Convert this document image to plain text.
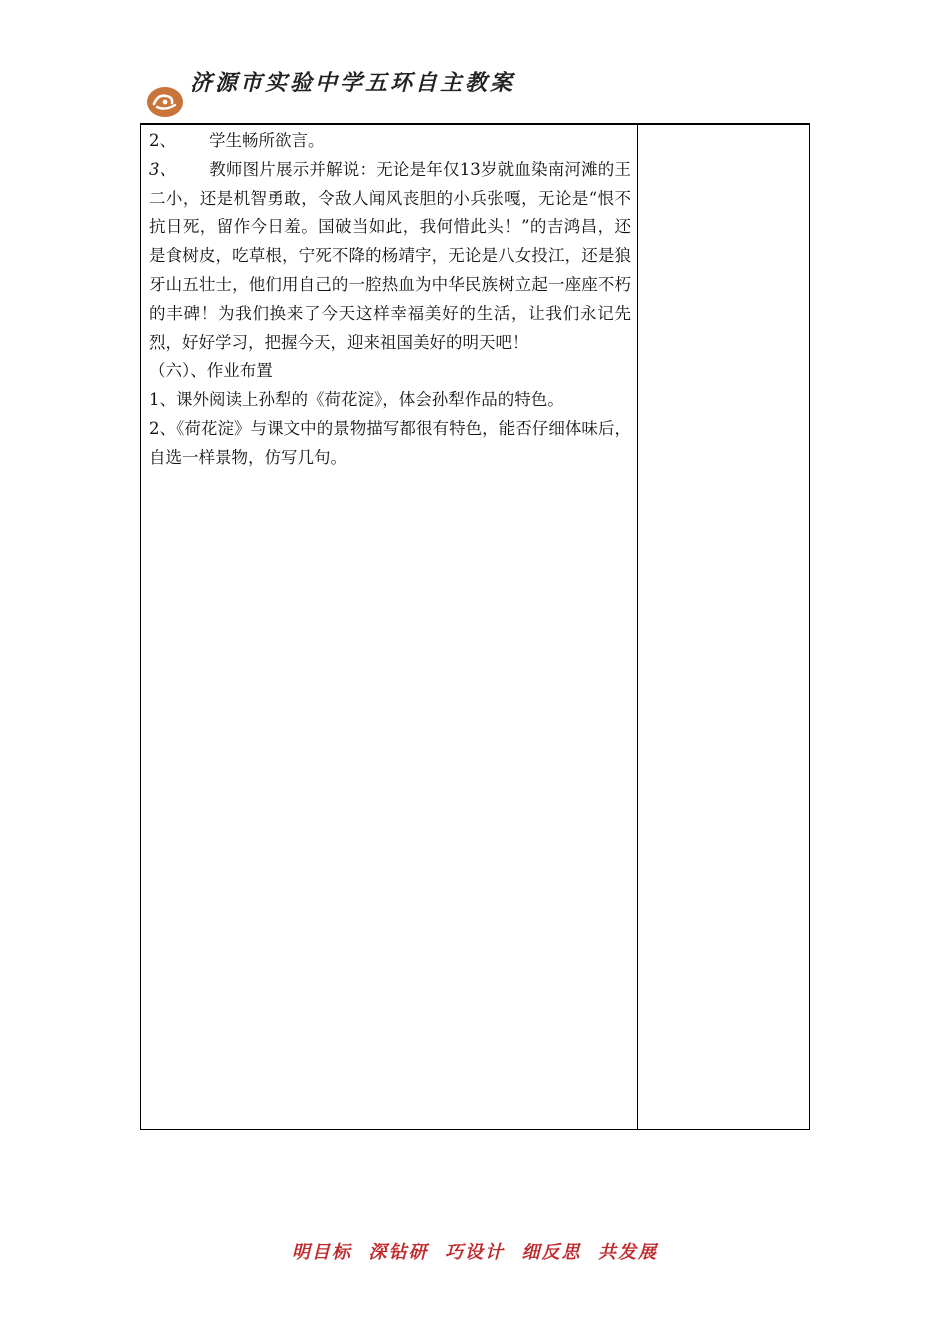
济源市实验中学五环自主教案

2、 学生畅所欲言。

3、 教师图片展示并解说：无论是年仅13岁就血染南河滩的王二小，还是机智勇敢，令敌人闻风丧胆的小兵张嘎，无论是“恨不抗日死，留作今日羞。国破当如此，我何惜此头！”的吉鸿昌，还是食树皮，吃草根，宁死不降的杨靖宇，无论是八女投江，还是狼牙山五壮士，他们用自己的一腔热血为中华民族树立起一座座不朽的丰碑！为我们换来了今天这样幸福美好的生活，让我们永记先烈，好好学习，把握今天，迎来祖国美好的明天吧！

（六）、作业布置

1、课外阅读上孙犁的《荷花淀》，体会孙犁作品的特色。

2、《荷花淀》与课文中的景物描写都很有特色，能否仔细体味后，自选一样景物，仿写几句。

明目标  深钻研  巧设计  细反思  共发展
